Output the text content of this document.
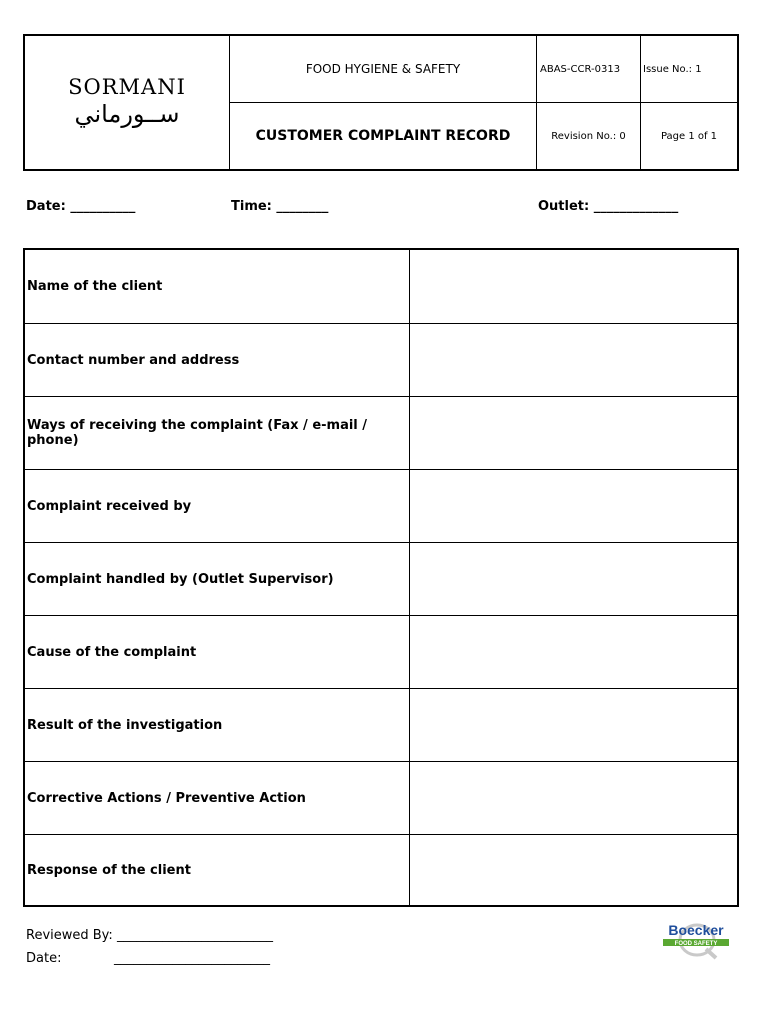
SORMANI
ســورماني
FOOD HYGIENE & SAFETY
CUSTOMER COMPLAINT RECORD
ABAS-CCR-0313	Issue No.: 1
Revision No.: 0	Page 1 of 1
Date: __________	Time: ________	Outlet: _____________
Name of the client
Contact number and address
Ways of receiving the complaint (Fax / e-mail / phone)
Complaint received by
Complaint handled by (Outlet Supervisor)
Cause of the complaint
Result of the investigation
Corrective Actions / Preventive Action
Response of the client
Reviewed By: ________________________
Date:	________________________
Boecker
FOOD SAFETY
